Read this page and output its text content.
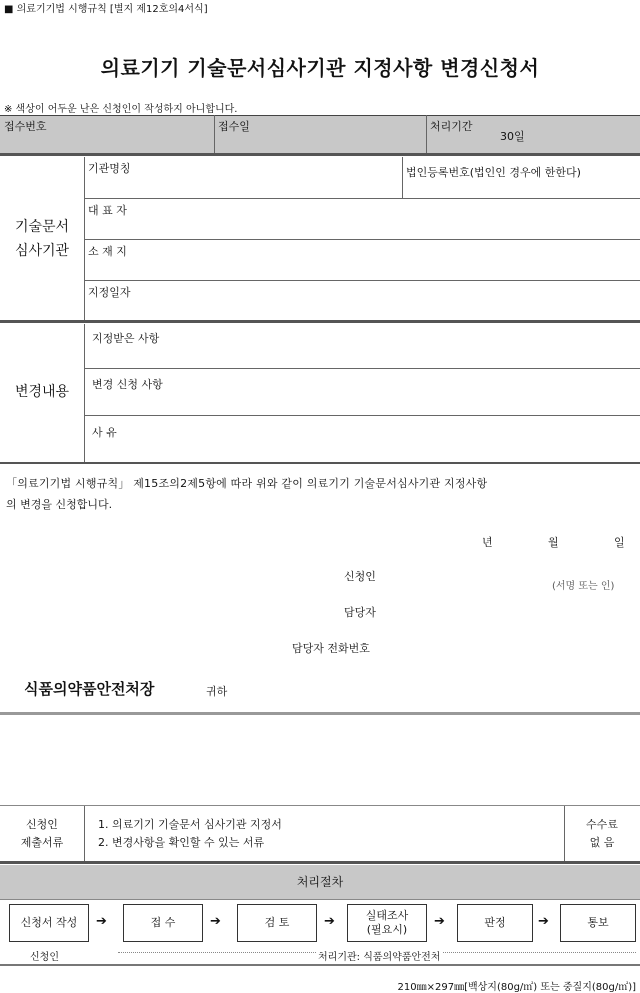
■ 의료기기법 시행규칙 [별지 제12호의4서식]
의료기기 기술문서심사기관 지정사항 변경신청서
※ 색상이 어두운 난은 신청인이 작성하지 아니합니다.
접수번호	접수일	처리기간
30일
기술문서
심사기관
기관명칭	법인등록번호(법인인 경우에 한한다)
대 표 자
소 재 지
지정일자
변경내용
지정받은 사항
변경 신청 사항
사 유
「의료기기법 시행규칙」 제15조의2제5항에 따라 위와 같이 의료기기 기술문서심사기관 지정사항
의 변경을 신청합니다.
년	월	일
신청인
(서명 또는 인)
담당자
담당자 전화번호
식품의약품안전처장	귀하
신청인
제출서류
1. 의료기기 기술문서 심사기관 지정서
2. 변경사항을 확인할 수 있는 서류
수수료
없 음
처리절차
신청서 작성	➔	접 수	➔	검 토	➔	실태조사
(필요시)
➔	판정	➔	통보
신청인	처리기관: 식품의약품안전처
210㎜×297㎜[백상지(80g/㎡) 또는 중질지(80g/㎡)]
